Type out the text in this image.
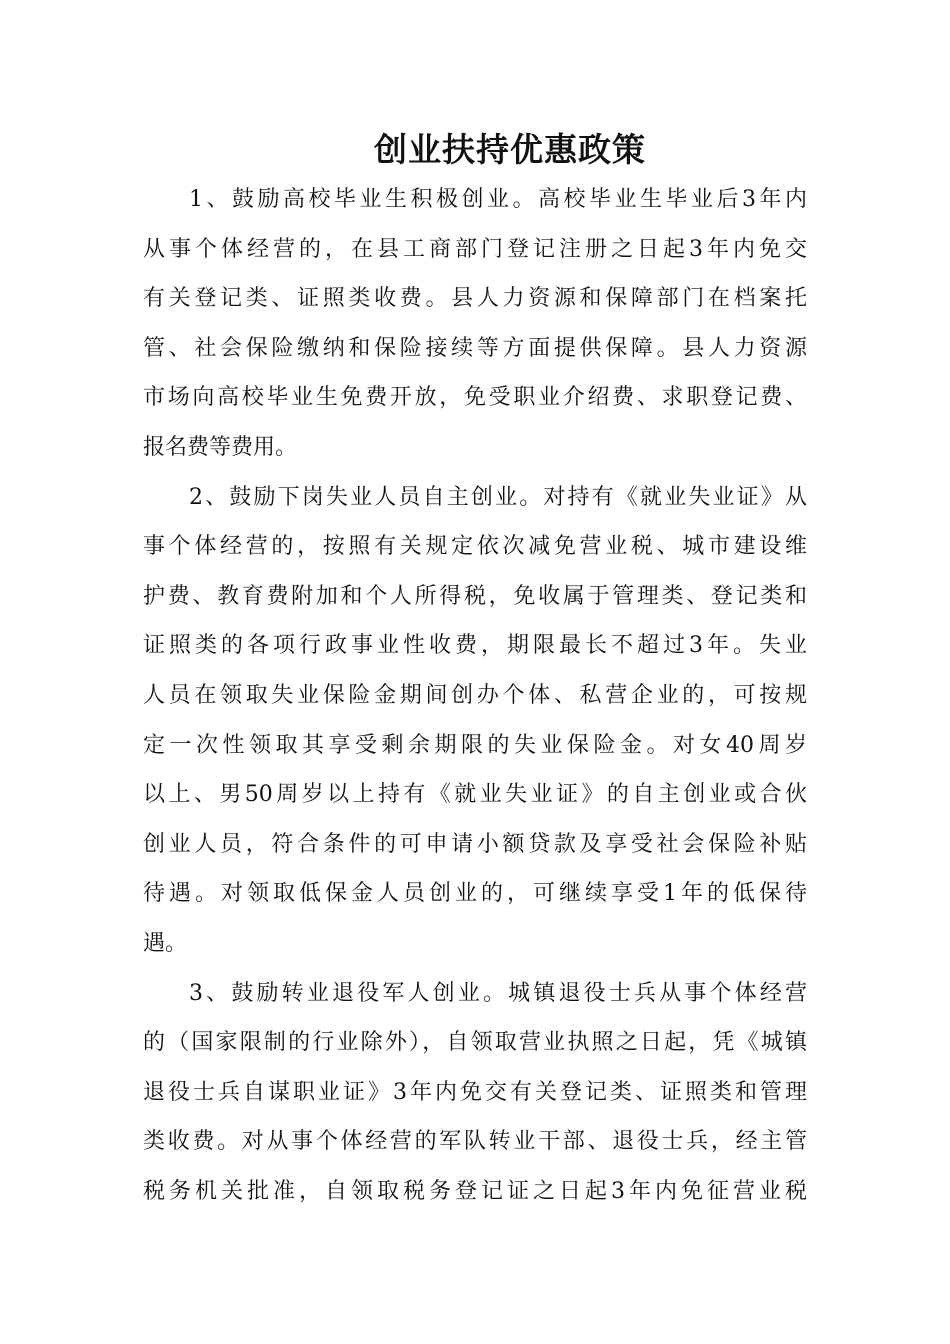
创业扶持优惠政策
1、鼓励高校毕业生积极创业。高校毕业生毕业后3年内
从事个体经营的，在县工商部门登记注册之日起3年内免交
有关登记类、证照类收费。县人力资源和保障部门在档案托
管、社会保险缴纳和保险接续等方面提供保障。县人力资源
市场向高校毕业生免费开放，免受职业介绍费、求职登记费、
报名费等费用。
2、鼓励下岗失业人员自主创业。对持有《就业失业证》从
事个体经营的，按照有关规定依次减免营业税、城市建设维
护费、教育费附加和个人所得税，免收属于管理类、登记类和
证照类的各项行政事业性收费，期限最长不超过3年。失业
人员在领取失业保险金期间创办个体、私营企业的，可按规
定一次性领取其享受剩余期限的失业保险金。对女40周岁
以上、男50周岁以上持有《就业失业证》的自主创业或合伙
创业人员，符合条件的可申请小额贷款及享受社会保险补贴
待遇。对领取低保金人员创业的，可继续享受1年的低保待
遇。
3、鼓励转业退役军人创业。城镇退役士兵从事个体经营
的（国家限制的行业除外），自领取营业执照之日起，凭《城镇
退役士兵自谋职业证》3年内免交有关登记类、证照类和管理
类收费。对从事个体经营的军队转业干部、退役士兵，经主管
税务机关批准，自领取税务登记证之日起3年内免征营业税
